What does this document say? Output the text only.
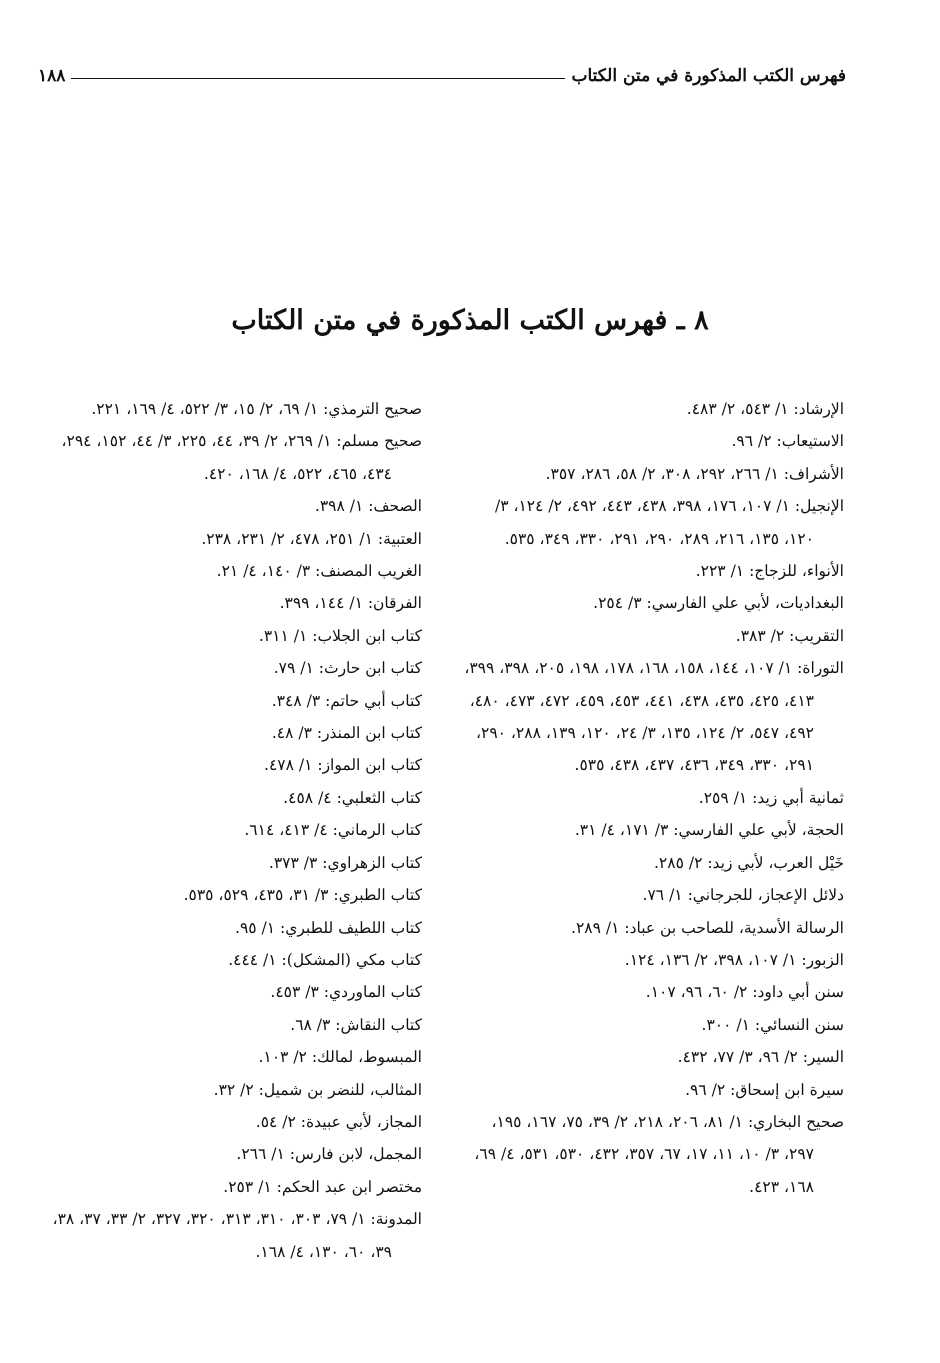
فهرس الكتب المذكورة في متن الكتاب
١٨٨
٨ ـ فهرس الكتب المذكورة في متن الكتاب

الإرشاد: ١/ ٥٤٣، ٢/ ٤٨٣.

الاستيعاب: ٢/ ٩٦.

الأشراف: ١/ ٢٦٦، ٢٩٢، ٣٠٨، ٢/ ٥٨، ٢٨٦، ٣٥٧.

الإنجيل: ١/ ١٠٧، ١٧٦، ٣٩٨، ٤٣٨، ٤٤٣، ٤٩٢، ٢/ ١٢٤، ٣/ ١٢٠، ١٣٥، ٢١٦، ٢٨٩، ٢٩٠، ٢٩١، ٣٣٠، ٣٤٩، ٥٣٥.

الأنواء، للزجاج: ١/ ٢٢٣.

البغداديات، لأبي علي الفارسي: ٣/ ٢٥٤.

التقريب: ٢/ ٣٨٣.

التوراة: ١/ ١٠٧، ١٤٤، ١٥٨، ١٦٨، ١٧٨، ١٩٨، ٢٠٥، ٣٩٨، ٣٩٩، ٤١٣، ٤٢٥، ٤٣٥، ٤٣٨، ٤٤١، ٤٥٣، ٤٥٩، ٤٧٢، ٤٧٣، ٤٨٠، ٤٩٢، ٥٤٧، ٢/ ١٢٤، ١٣٥، ٣/ ٢٤، ١٢٠، ١٣٩، ٢٨٨، ٢٩٠، ٢٩١، ٣٣٠، ٣٤٩، ٤٣٦، ٤٣٧، ٤٣٨، ٥٣٥.

ثمانية أبي زيد: ١/ ٢٥٩.

الحجة، لأبي علي الفارسي: ٣/ ١٧١، ٤/ ٣١.

خَيْل العرب، لأبي زيد: ٢/ ٢٨٥.

دلائل الإعجاز، للجرجاني: ١/ ٧٦.

الرسالة الأسدية، للصاحب بن عباد: ١/ ٢٨٩.

الزبور: ١/ ١٠٧، ٣٩٨، ٢/ ١٣٦، ١٢٤.

سنن أبي داود: ٢/ ٦٠، ٩٦، ١٠٧.

سنن النسائي: ١/ ٣٠٠.

السير: ٢/ ٩٦، ٣/ ٧٧، ٤٣٢.

سيرة ابن إسحاق: ٢/ ٩٦.

صحيح البخاري: ١/ ٨١، ٢٠٦، ٢١٨، ٢/ ٣٩، ٧٥، ١٦٧، ١٩٥، ٢٩٧، ٣/ ١٠، ١١، ١٧، ٦٧، ٣٥٧، ٤٣٢، ٥٣٠، ٥٣١، ٤/ ٦٩، ١٦٨، ٤٢٣.

صحيح الترمذي: ١/ ٦٩، ٢/ ١٥، ٣/ ٥٢٢، ٤/ ١٦٩، ٢٢١.

صحيح مسلم: ١/ ٢٦٩، ٢/ ٣٩، ٤٤، ٢٢٥، ٣/ ٤٤، ١٥٢، ٢٩٤، ٤٣٤، ٤٦٥، ٥٢٢، ٤/ ١٦٨، ٤٢٠.

الصحف: ١/ ٣٩٨.

العتبية: ١/ ٢٥١، ٤٧٨، ٢/ ٢٣١، ٢٣٨.

الغريب المصنف: ٣/ ١٤٠، ٤/ ٢١.

الفرقان: ١/ ١٤٤، ٣٩٩.

كتاب ابن الجلاب: ١/ ٣١١.

كتاب ابن حارث: ١/ ٧٩.

كتاب أبي حاتم: ٣/ ٣٤٨.

كتاب ابن المنذر: ٣/ ٤٨.

كتاب ابن المواز: ١/ ٤٧٨.

كتاب الثعلبي: ٤/ ٤٥٨.

كتاب الرماني: ٤/ ٤١٣، ٦١٤.

كتاب الزهراوي: ٣/ ٣٧٣.

كتاب الطبري: ٣/ ٣١، ٤٣٥، ٥٢٩، ٥٣٥.

كتاب اللطيف للطبري: ١/ ٩٥.

كتاب مكي (المشكل): ١/ ٤٤٤.

كتاب الماوردي: ٣/ ٤٥٣.

كتاب النقاش: ٣/ ٦٨.

المبسوط، لمالك: ٢/ ١٠٣.

المثالب، للنضر بن شميل: ٢/ ٣٢.

المجاز، لأبي عبيدة: ٢/ ٥٤.

المجمل، لابن فارس: ١/ ٢٦٦.

مختصر ابن عبد الحكم: ١/ ٢٥٣.

المدونة: ١/ ٧٩، ٣٠٣، ٣١٠، ٣١٣، ٣٢٠، ٣٢٧، ٢/ ٣٣، ٣٧، ٣٨، ٣٩، ٦٠، ١٣٠، ٤/ ١٦٨.
